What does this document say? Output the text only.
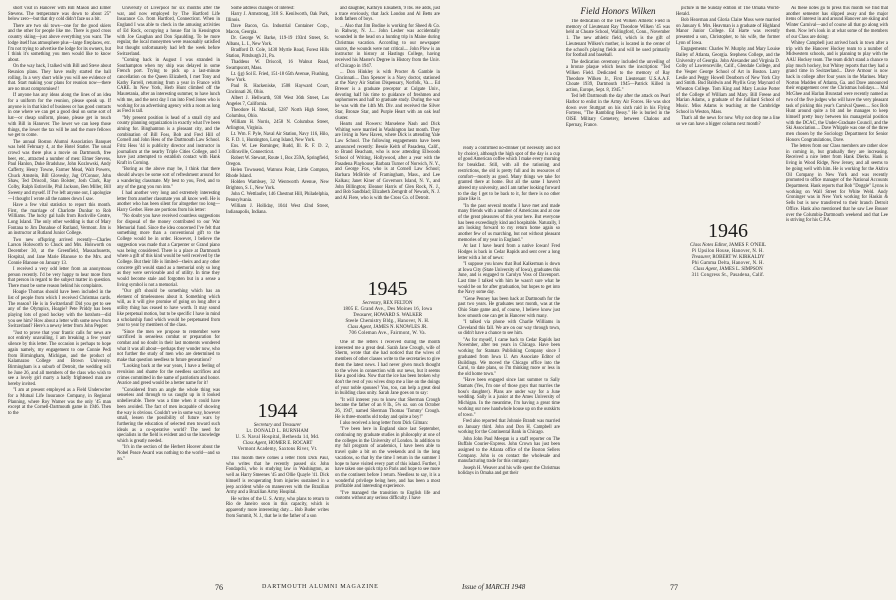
short visit in Hanover with Bill Mason and Elmer Stevens. The temperature was down to about 25° below zero—but that dry cold didn't faze us a bit.

There are two ski tows—one for the good skiers and the other for people like me. There is good cross country skiing—just above everything you want. The lodge itself has atmosphere plus—large fireplaces, etc. I'm not trying to advertise the lodge for its owners, but I think it's something you men would like to know about.

On the way back, I talked with Bill and Steve about Reunion plans. They have really started the ball rolling. In a very short while you will see evidence of that. Start making your plans for reunion now—there are no must compromises!!

If anyone has any ideas along the lines of an idea for a uniform for the reunion, please speak up. If anyone is in that kind of business or has good contacts in one where we can get a good deal on some sort of hat—or cheap uniform, please, please get in touch with Bill in Hanover. The lower we can keep those things, the lower the tax will be and the more fellows we get to come.

The annual Boston Alumni Association Banquet was held February 4, at the Hotel Statler. The usual crowd was there plus a movie on Dartmouth, free beer, etc., attracted a number of men: Elmer Stevens, Paul Hanlon, Duke Bradshaw, John Kozlowski, Andy Cafferty, Henry Towne, Farmer Mead, Walt Powers, Chuck Amstein, Bill Glovesky, Jug O'Connor, John Shaw, Ted Driscoll, Stan Bolster, Josh Clark, Ray Colby, Ralph Estinville, Phil Jackson, Ben Miller, Bill Sweeny and myself. If I've left anyone out, I apologize—I thought I wrote all the names down I saw.

Have a few vital statistics to report this month. First, the marriage of Charlotte Dunbar to Rob Williams. The lucky gal hails from Rockville Centre, Long Island. The only other wedding is that of Mary Fontana to Jim Donahue of Rutland, Vermont. Jim is an instructor at Rutland Junior College.

Two new offspring arrived recently—Charles Larson Holsworth to Chuck and Mrs. Holsworth on December 30, at the Greenfield, Massachusetts, Hospital, and Jane Marie Blanoue to the Mrs. and Connie Blanoue on January 13.

I received a very odd letter from an anonymous person recently. I'd be very happy to hear more from that person in regard to the subject matter in question. There must be some reason behind his complaints.

Hoagie Thomas should have been included in the list of people from which I received Christmas cards. The reason? He is in Switzerland! Did you get to see any of the Olympics, Hoagie? Pete Priddy has been playing lots of good hockey with the hotshots—did you see him? How about a letter with some news from Switzerland? Here's a newsy letter from John Pepper:

"Just to prove that your frantic calls for news are not entirely unavailing, I am breaking a few years' silence by this letter. The occasion is perhaps to hope again namely, my engagement to one Connie Pedi from Birmingham, Michigan, and the product of Kalamazoo College and Brown University. Birmingham is a suburb of Detroit, the wedding will be June 26, and all members of the class who wish to see a lovely girl marry a badly frightened man are hereby invited.

"I am at present employed as a Field Underwriter for a Mutual Life Insurance Company, in Regional Planning, where Roy Warner was the only '45 man except at the Cornell-Dartmouth game in 1946. Then to the

University of Liverpool for six months after the war, and now employed by The Hartford Life Insurance Co. from Hartford, Connecticut. When in England I was able to check in the amusing activities of Ed Rock, occupying a house flat in Kensington with Joe Gaughan and Don Spaulding. To be more regular, the local moneymen were reasonably satisfied but thought unfortunately had left the week before Switzerland.

"Coming back in August I was stranded in Southampton when my ship was delayed in some French port. Trying to pick up a last-minute cancellation on the Queen Elizabeth, I met Tony and Kathy Farrell, returning from a year in France with CARE. In New York, Herb Hunt climbed off the Mauretania, after an interesting summer, to have lunch with me, and the next day I ran into Fred Jones who is working for an advertising agency with a room as long as Fred is tall.

"My present position is head of a small city and county planning organization in exactly what I've been aiming for. Binghamton is a pleasant city, and the combination of Bill Foss, Bob and Fred Hill of Cornell and John Hess of the Dartmouth Law School. Fritz Hess '44 is publicity director and instructor in journalism at the nearby Triple Cities College, and I have just attempted to establish contact with Hank Kraft in Corning.

"Boring as the above may be, I think that there should always be some sort of refreshment around for a wandering classmate. My best to you, Fred, and to any of the gang you run into."

I had another very long and extremely interesting letter from another classmate you all know well. He is another who has been silent for altogether too long—Harry Gerber. Here are portions from his letter:

"No doubt you have received countless suggestions for disposal of the money contributed to our War Memorial fund. Since the idea concerned I've felt that something more than a conventional gift to the College would be in order. However, I believe the suggestion was made that a Carpenter or Grand piano was being considered. There is a place at Dartmouth where a gift of this kind would be well received by the College. But their life is limited—theirs and any other concrete gift would stand as a memorial only so long as they were serviceable and of utility. In time they would become stale and forgotten but in a sense a living symbol is not a memorial.

"Our gift should be something which has an element of timelessness about it. Something which will, as it will give promise of going on long after a utility thing has ceased to have worth. It may sound like perpetual motion, but to be specific I have in mind a scholarship fund which would be perpetuated from year to year by members of the class.

"Since the men we propose to remember were sacrificed in senseless combat or preparation for combat and no doubt in their last moments wondered what it was all about—perhaps they wonder now, who not further the study of men who are determined to make that question needless to future generations?

"Looking back at the war years, I have a feeling of revulsion and shame for the needless sacrifices and crimes committed in the name of patriotism and honor. Avarice and greed would be a better name for it!

"Considered from an angle the whole thing was senseless and through to us caught up in it looked unbelievable. There was a time when it could have been avoided. The fact of men incapable of showing the way is obvious. Couldn't we in some way, however small, lessen the possibility of future wars by furthering the education of selected men toward such ideals as a co-operative world? The need for specialists in the field is evident and so the knowledge which is greatly needed.

"It's in the section of the Herbert Hoover about the Nobel Peace Award was nothing to the world—and so on."

Some address changes of interest:

Harry J. Armstrong, 318 S. Kenilworth, Oak Park, Illinois.

Dave Bacon, Ga. Industrial Container Corp., Macon, Georgia.

Dr. George W. Barke, 119-19 193rd Street, St. Albans, L. I., New York.

Bradford D. Cole, 1430 Myrtle Road, Forest Hills Station, Pittsburgh 21, Pa.

Thaddeus W. Driscoll, 16 Walnut Road, Swampscott, Mass.

Lt. (jg) Sol E. Fried, 151-18 65th Avenue, Flushing, New York.

Paul R. Hackeniske, 1508 Hayward Court, Cincinnati 26, Ohio.

Albert J. Hellwarth, 930 West 36th Street, Los Angeles 7, California.

Theodore H. Mackall, 5287 North High Street, Columbus, Ohio.

William H. Norris, 2458 N. Columbus Street, Arlington, Virginia.

Lt. Wm. F. Pyle, Naval Air Station, Navy 116, Hilo, R. F. D. 1, Huntington, Long Island, New York.

Ens. W. Lee Rominger, Rudd, Ill. R. F. D. 2, Collinsville, Connecticut.

Robert W. Stewart, Route 1, Box 259A, Springfield, Oregon.

Helen Townsend, Watrons Point, Little Compton, Rhode Island.

Holden Wambsey, 32 Wentworth Avenue, New Brighton, S. I., New York.

John C. Wettlaufer, 146 Chestnut Hill, Philadelphia, Pennsylvania.

William J. Holliday, 1044 West 42nd Street, Indianapolis, Indiana.

1944
Secretary and Treasurer
Lt. DONALD L. BURNHAM
U. S. Naval Hospital, Bethesda 14, Md.
Class Agent, HOMER E. ROCART
Vermont Academy, Saxtons River, Vt.

This month there comes a letter from Dick Paul, who writes that he recently passed six John Fondapchi, who is studying law in Washington, as well as Harry Smeenes '45 and Ollie Quayle '41. Dick himself is recuperating from injuries sustained in a jeep accident while on maneuvers with the Brazilian Army and a Brazilian Army Hospital.

He writes of the U. S. Army, who plans to return to Rio de Janeiro soon in this capacity, which is apparently more interesting duty.... Bob Buder writes from Summit, N. J., that he is the father of a son

and daughter, Kathryn Elisabeth, 9 lbs. He adds, just a trace enviously, that Jack London and Al Betts are both fathers of boys.

... Also that Jim Bodine is working for Sheed & Co. in Rahway, N. J.... John Lesher was accidentally wounded in the head on a hunting trip in Maine during Christmas vacation. According to our newspaper source, the wounds were not critical.... John Plow is an instructor in history at Hastings College, having received his Master's Degree in History from the Univ. of Chicago in 1947.

... Don Hinkley is with Procter & Gamble in Cincinnati.... Dan Spencer is a Navy doctor, stationed at the Navy Air Station Dispensary, Norfolk, Va.... Ed Brewer is a graduate preceptor at Colgate Univ., devoting half his time to guidance of freshmen and sophomores and half to graduate study. During the war he was with the 14th Mt. Div. and received the Silver Star, Bronze Star, and Purple Heart with an oak leaf cluster.

Hearts and Flowers: Marselene Nash and Dick Whiting were married in Washington last month. They are living in New Haven, where Dick is attending Yale Law School. The following engagements have been announced recently: Bessie Keith of Pasadena, Calif., to Brand Beacham, who is now attending Ellwoods School of Writing, Hollywood, after a year with the Pasadena Playhouse; Barbara Turner of Norwich, N. Y., and George Fox, who is at Cornell Law School; Barbara McBride of Framingham, Mass., and Lee Kalkau; Janet Kiner of Governors Island, N. Y., and John Billington; Eleanor Harris of Glen Rock, N. J., and Bob Sandblad; Elizabeth Zemgrdt of Newark, N. J. and Al Flere, who is with the Cross Co. of Detroit.

1945
Secretary, REX FELTON
1805 E. Grand Ave., Des Moines 16, Iowa
Treasurer, HOWARD S. WALKER
Steele Chemistry Bldg., Hanover, N. H.
Class Agent, JAMES N. KNOWLES JR.
706 Coleman Ave., Fairmont, W. Va.

One of the letters I received during the month interested me a great deal. Sarah Jane Crough, wife of Sherm, wrote that she had noticed that the wives of members of other classes write to the secretaries to give them the latest news. I had never given much thought to the wives in connection with our news, but it seems like a good idea. Now that the ice has been broken why don't the rest of you wives drop me a line on the doings of your noble spouses? You, too, can help a great deal in building class unity. Sarah Jane goes on to say:

"It will interest you to know that Sherman Crough became the father of an 8 lb., 5¾ oz. son on October 26, 1947, named Sherman Thomas 'Tommy' Crough. He is three-months old today and quite a boy!"

I also received a long letter from Dick Gilman:

"I've been here in England since last September, continuing my graduate studies in philosophy at one of the colleges in the University of London. In addition to my full program of academics, I have been able to travel quite a bit on the weekends and in the long vacations, so that by the time I return in the summer I hope to have visited every part of this island. Further, I have taken one quick trip to Paris and hope to see more on the continent before I return. Needless to say, it is a wonderful privilege being here, and has been a most profitable and interesting experience.

"I've managed the transition to English life and customs without any serious difficulty. I have

76	DARTMOUTH ALUMNI MAGAZINE

ready a confirmed no-drinker (of necessity and not by choice), although the high spot of the day is a cup of good American coffee which I make every morning for breakfast. Still, with all the rationing and restrictions, the old is pretty full and its resources of comfort—mostly as good. Many things we take for granted there at home. But all the same I haven't altered my university, and I am rather looking forward to the day I get to be back to it, for there is no other place like it.

"In the past several months I have met and made many friends with a number of Americans and at one of the great pleasures of this year here. But everyone has been exceedingly kind and hospitable. Naturally, I am looking forward to my return home again so another few of us marching, but not without pleasant memories of my year in England."

At last I have heard from a native Iowan! Fred Hodges is back in Cedar Rapids and sent over a long letter with a lot of news:

"I suppose you know that Bud Kalkerman is down at Iowa City (State University of Iowa), graduates this June, and is engaged to Carolyn Voss of Davenport. Last time I talked with him he wasn't sure what he would be on for after graduation, but hopes to get into the Navy some day.

"Gene Penney has been back at Dartmouth for the past two years. He graduates next month, was at the Ohio State game and, of course, I believe know just how smooth one can get in Hanover with many.

"I talked via phone with Charlie Williams in Cleveland this fall. We are on our way through town, so didn't have a chance to see him.

"As for myself, I came back to Cedar Rapids last November, after ten years in Chicago. Have been working for Stamats Publishing Company since I graduated from Iowa U. Am Associate Editor of Buildings. We moved the Chicago office into the Carol, to date plans, so I'm thinking more or less in the old home town."

"Have been engaged since last summer to Sally Stamats (Yes, I'm one of those guys that marries the boss's daughter). Plans are under way for a June wedding. Sally is a junior at the Ames University of Michigan. In the meantime, I'm having a great time working our new handwhole house up on the outskirts of town."

Fred also reported that Johnnie Brandt was married on January third. John and Don H. Campbell are working for the Continental Bank in Chicago.

John John Paul Meegan is a staff reporter on The Buffalo Courier-Express. John Crown has just been assigned to the Atlanta office of the Boston Sellers Company. John is on contact the wholesale and manufacturing trade for this company.

Joseph H. Weaver and his wife spent the Christmas holidays in Omaha and got their

Field Honors Wilken

The dedication of the Ted Wilken Athletic Field in memory of Lieutenant Ray Theodore Wilken '45 was held at Choate School, Wallingford, Conn., November 1. The new athletic field, which is the gift of Lieutenant Wilken's mother, is located in the center of the school's playing fields and will be used primarily for football and baseball.

The dedication ceremony included the unveiling of a bronze plaque which bears the inscription: "Ted Wilken Field. Dedicated to the memory of Ray Theodore Wilken Jr., First Lieutenant U.S.A.A.F. Choate 1939, Dartmouth 1945—Patrick Killed in action, Europe, Sept. 8, 1945."

Ted left Dartmouth the day after the attack on Pearl Harbor to enlist in the Army Air Forces. He was shot down over Stuttgart on his sixth raid in his Flying Fortress, "The Rambling Bessy." He is buried in the OISE Military Cemetery, between Chalons and Epernay, France.

picture in the Sunday edition of The Omaha World-Herald.

Bob Heavman and Gloria Claire Moss were married on January 6. Mrs. Heavman is a graduate of Highland Manor Junior College. Ed Harte was recently presented a son, Christopher, to his wife, the former Lynn of Iowa.

Engagements: Charles W. Murphy and Mary Louise Bailey of Atlanta, Georgia. Stephens College, and the University of Georgia. John Alexander and Virginia D. Colby of Lawrenceville, Calif., Glendale College, and the Vesper George School of Art in Boston. Larry Leslie and Peggy Howell Dearborn of New York City and Smith. Bud Baldwin and Phyllis Gray Maynard of Wheaton College. Tom King and Mary Louise Porter of the College of William and Mary. Bill Freese and Marian Adams, a graduate of the Juilliard School of Music. Miss Adams is teaching at the Cambridge School in Weston, Mass.

That's all the news for now. Why not drop me a line so we can have a bigger column next month?

1946
Class Notes Editor, JAMES F. O'NEIL
Pi Upsilon House, Hanover, N. H.
Treasurer, ROBERT W. KIRKALDY
Phi Gamma Delta, Hanover, N. H.
Class Agent, JAMES L. SIMPSON
311 Congress St., Pasadena, Calif.

As these notes go to press this month we find that another semester has slipped away and the major items of interest in and around Hanover are skiing and Winter Carnival—and of course all that go along with them. Now let's look in at what some of the members of our Class are doing:

Whitey Campbell just arrived back in town after a trip with the Hanover Hockey team to a number of Midwestern schools, and is planning to play with the AAU Hockey team. The team didn't stand a chance to play much hockey, but Whitey reports that they had a grand time in Switzerland... Dave Armour is now back in college after four years in the Marines. Mary Norton Madden of Atlanta, Ga. and Dave announced their engagement over the Christmas holidays.... Mal McGhee and Harlan Brunstad were recently named as two of the five judges who will have the very pleasant task of picking this year's Carnival Queen.... Sox Bob Hunt around quite a bit and he manages to keep himself pretty busy between his managerial position with the DCAC, the Under-Graduate Council, and the Ski Association.... Dave Whipple was one of the three men chosen by the Sociology Department for Senior Honors Congratulations, Dave.

The letters from our Class members are rather slow in coming in, but gradually they are increasing. Received a nice letter from Hank Dierks. Hank is living in Wood Ridge, New Jersey, and all seems to be going well with him. He is working for the Aktiva Oil Company in New York and was recently promoted to office manager of the National Accounts Department. Hank reports that Bob "Doggie" Lynns is working on Wall Street for White Weld. Andy Groninger was in New York working for Haskin & Sells but is now transferred to their branch Detroit Office. Hank also mentioned that he saw Lee Bouser over the Columbia-Dartmouth weekend and that Lee is striving for his C.P.A.

Issue of MARCH 1948	77
